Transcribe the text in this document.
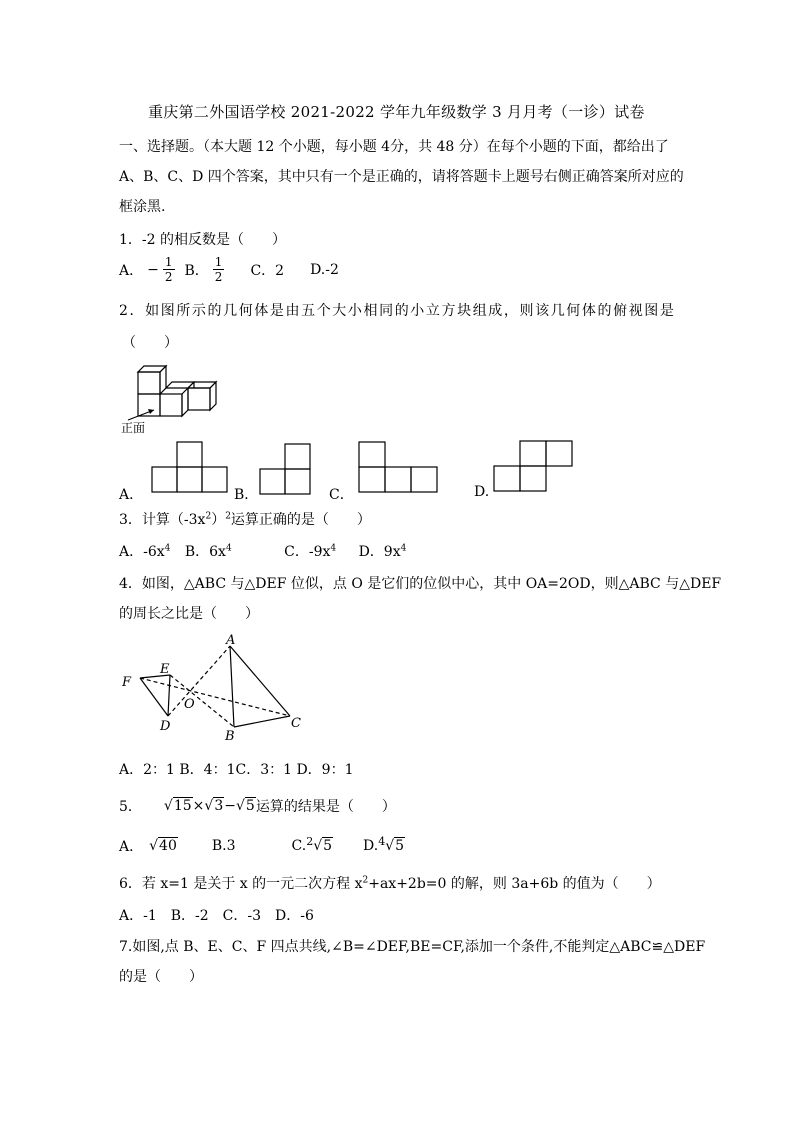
重庆第二外国语学校 2021-2022 学年九年级数学 3 月月考（一诊）试卷
一、选择题。（本大题 12 个小题，每小题 4分，共 48 分）在每个小题的下面，都给出了
A、B、C、D 四个答案，其中只有一个是正确的，请将答题卡上题号右侧正确答案所对应的
框涂黑.
1．-2 的相反数是（　　）
A． − $\frac{1}{2}$ B． $\frac{1}{2}$ C．2 D.-2
2．如图所示的几何体是由五个大小相同的小立方块组成，则该几何体的俯视图是
（　　）
正面
A．	B．	C．	D.
3．计算$(-3x^2)^2$运算正确的是（　　）
A．$-6x^4$ B．$6x^4$	C．$-9x^4$ D．$9x^4$
4．如图，△ABC 与△DEF 位似，点 O 是它们的位似中心，其中 OA=2OD，则△ABC 与△DEF
的周长之比是（　　）
A
B
C
D
E
F
O
A．2：1 B．4：1C．3：1 D．9：1
5． √15 × √3 − √5 运算的结果是（　　）
A． √40	B.3	C. 2 √5 D. 4 √5
6．若 x=1 是关于 x 的一元二次方程 $x^2+ax+2b=0$ 的解，则 3a+6b 的值为（　　）
A．-1　B．-2　C．-3　D．-6
7.如图,点 B、E、C、F 四点共线,∠B=∠DEF,BE=CF,添加一个条件,不能判定△ABC≌△DEF
的是（　　）
